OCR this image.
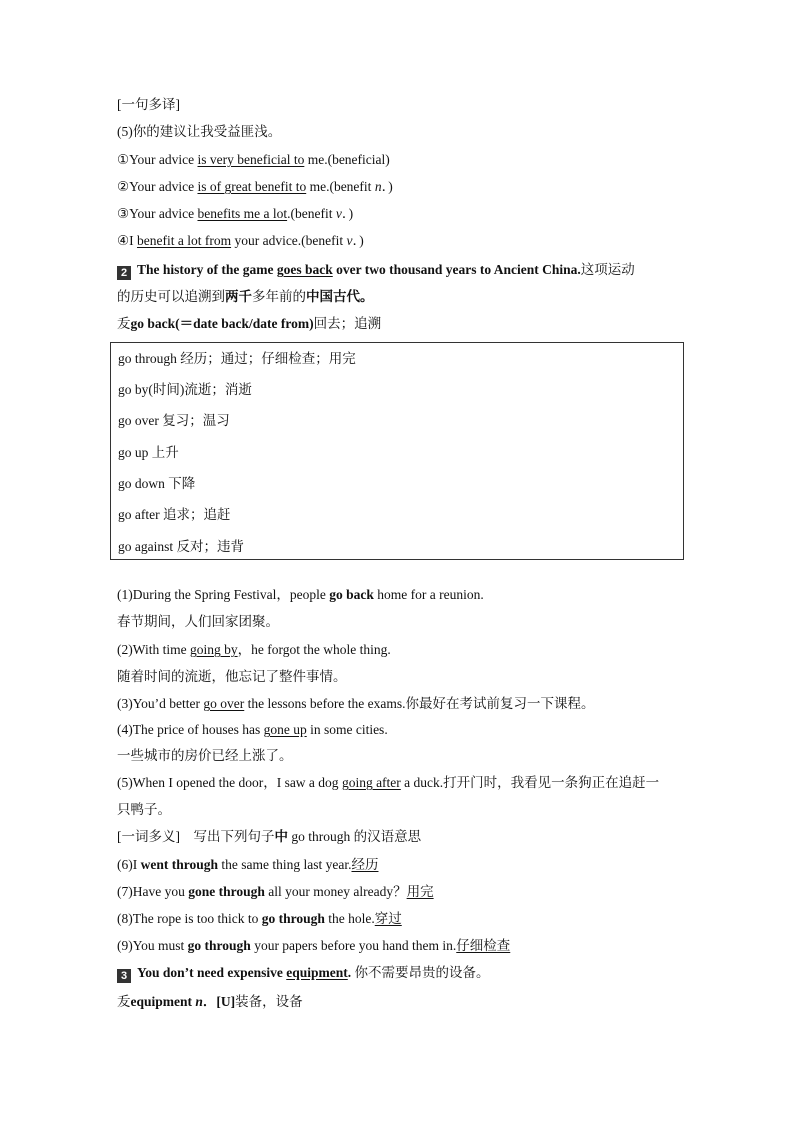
[一句多译]
(5)你的建议让我受益匪浅。
①Your advice is very beneficial to me.(beneficial)
②Your advice is of great benefit to me.(benefit n．)
③Your advice benefits me a lot.(benefit v．)
④I benefit a lot from your advice.(benefit v．)
2 The history of the game goes back over two thousand years to Ancient China.这项运动
的历史可以追溯到两千多年前的中国古代。
叐go back(＝date back/date from)回去；追溯
go through 经历；通过；仔细检查；用完
go by(时间)流逝；消逝
go over 复习；温习
go up 上升
go down 下降
go after 追求；追赶
go against 反对；违背
(1)During the Spring Festival，people go back home for a reunion.
春节期间，人们回家团聚。
(2)With time going by，he forgot the whole thing.
随着时间的流逝，他忘记了整件事情。
(3)You’d better go over the lessons before the exams.你最好在考试前复习一下课程。
(4)The price of houses has gone up in some cities.
一些城市的房价已经上涨了。
(5)When I opened the door，I saw a dog going after a duck.打开门时，我看见一条狗正在追赶一
只鸭子。
[一词多义]　写出下列句子中 go through 的汉语意思
(6)I went through the same thing last year.经历
(7)Have you gone through all your money already？用完
(8)The rope is too thick to go through the hole.穿过
(9)You must go through your papers before you hand them in.仔细检查
3 You don’t need expensive equipment. 你不需要昂贵的设备。
叐equipment n．[U]装备，设备
